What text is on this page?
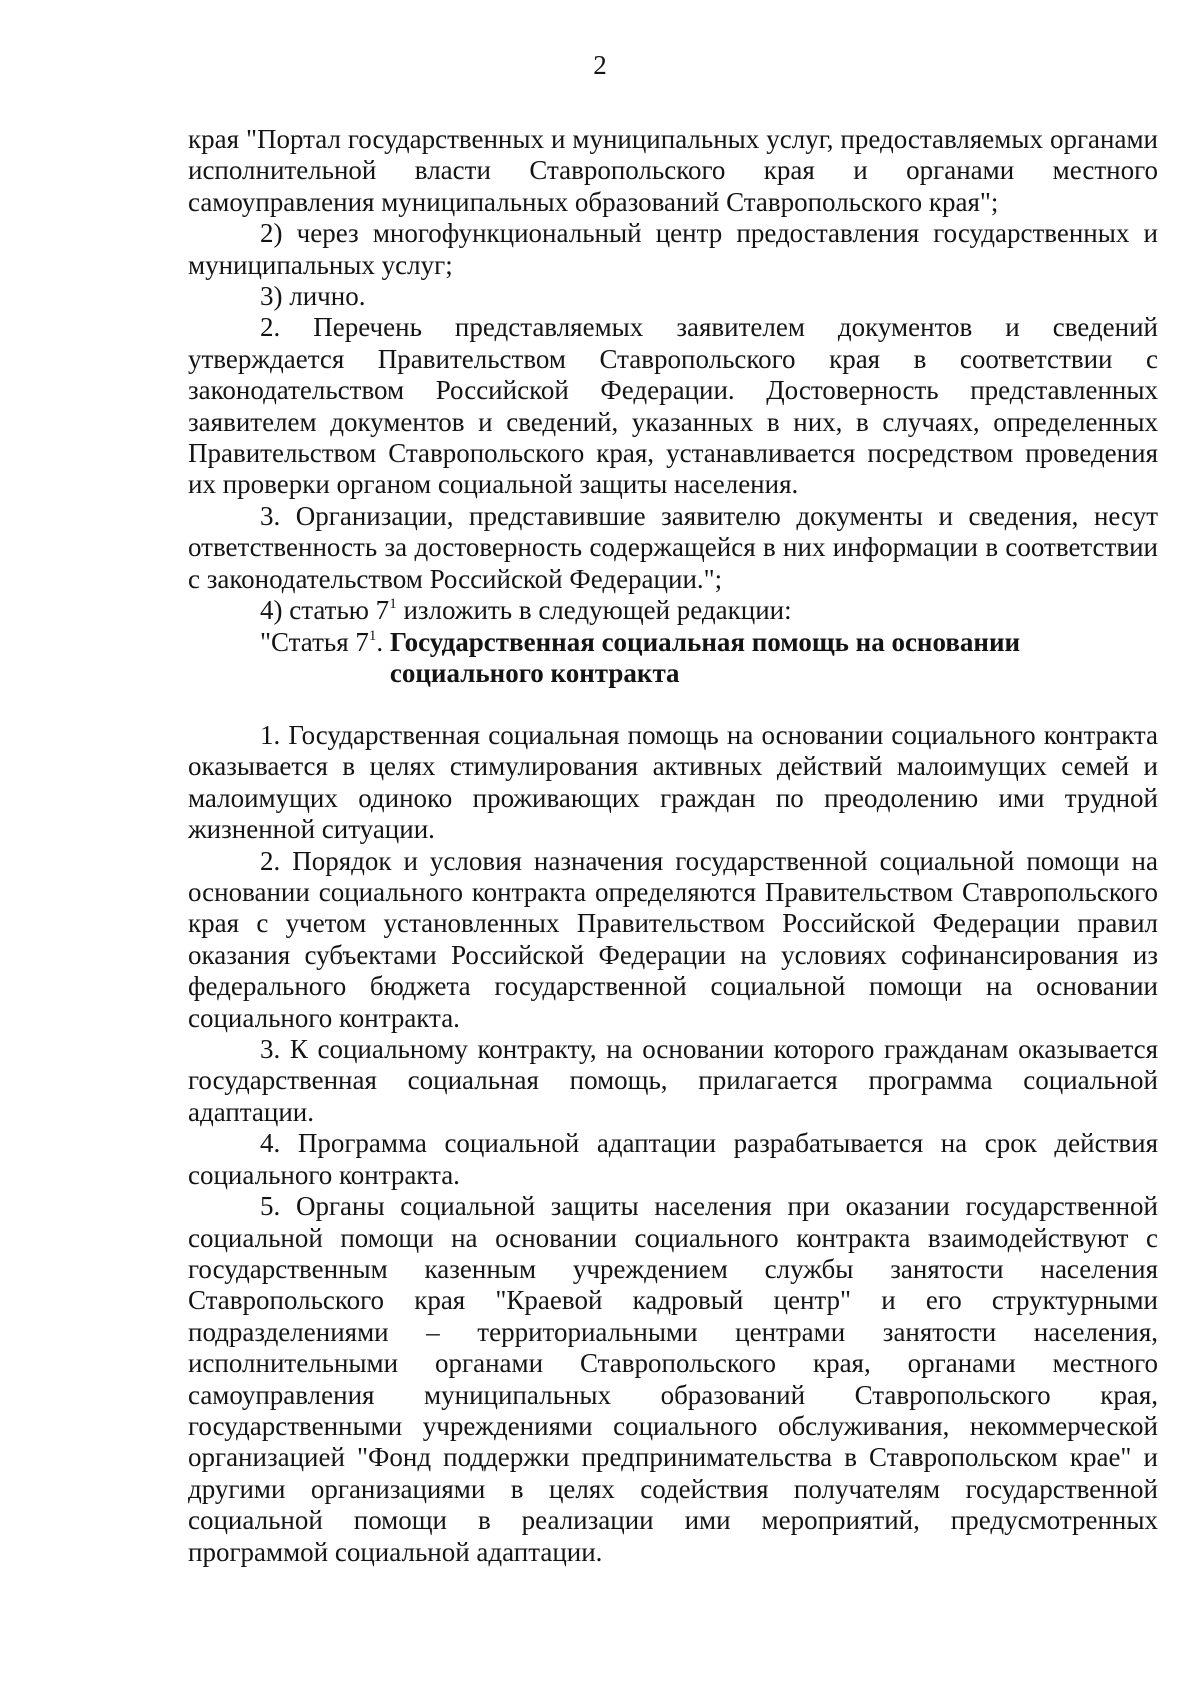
2

края "Портал государственных и муниципальных услуг, предоставляемых органами исполнительной власти Ставропольского края и органами местного самоуправления муниципальных образований Ставропольского края";

2) через многофункциональный центр предоставления государственных и муниципальных услуг;

3) лично.

2. Перечень представляемых заявителем документов и сведений утверждается Правительством Ставропольского края в соответствии с законодательством Российской Федерации. Достоверность представленных заявителем документов и сведений, указанных в них, в случаях, определенных Правительством Ставропольского края, устанавливается посредством проведения их проверки органом социальной защиты населения.

3. Организации, представившие заявителю документы и сведения, несут ответственность за достоверность содержащейся в них информации в соответствии с законодательством Российской Федерации.";

4) статью $7^1$ изложить в следующей редакции:

"Статья $7^1$. Государственная социальная помощь на основании социального контракта

1. Государственная социальная помощь на основании социального контракта оказывается в целях стимулирования активных действий малоимущих семей и малоимущих одиноко проживающих граждан по преодолению ими трудной жизненной ситуации.

2. Порядок и условия назначения государственной социальной помощи на основании социального контракта определяются Правительством Ставропольского края с учетом установленных Правительством Российской Федерации правил оказания субъектами Российской Федерации на условиях софинансирования из федерального бюджета государственной социальной помощи на основании социального контракта.

3. К социальному контракту, на основании которого гражданам оказывается государственная социальная помощь, прилагается программа социальной адаптации.

4. Программа социальной адаптации разрабатывается на срок действия социального контракта.

5. Органы социальной защиты населения при оказании государственной социальной помощи на основании социального контракта взаимодействуют с государственным казенным учреждением службы занятости населения Ставропольского края "Краевой кадровый центр" и его структурными подразделениями – территориальными центрами занятости населения, исполнительными органами Ставропольского края, органами местного самоуправления муниципальных образований Ставропольского края, государственными учреждениями социального обслуживания, некоммерческой организацией "Фонд поддержки предпринимательства в Ставропольском крае" и другими организациями в целях содействия получателям государственной социальной помощи в реализации ими мероприятий, предусмотренных программой социальной адаптации.
